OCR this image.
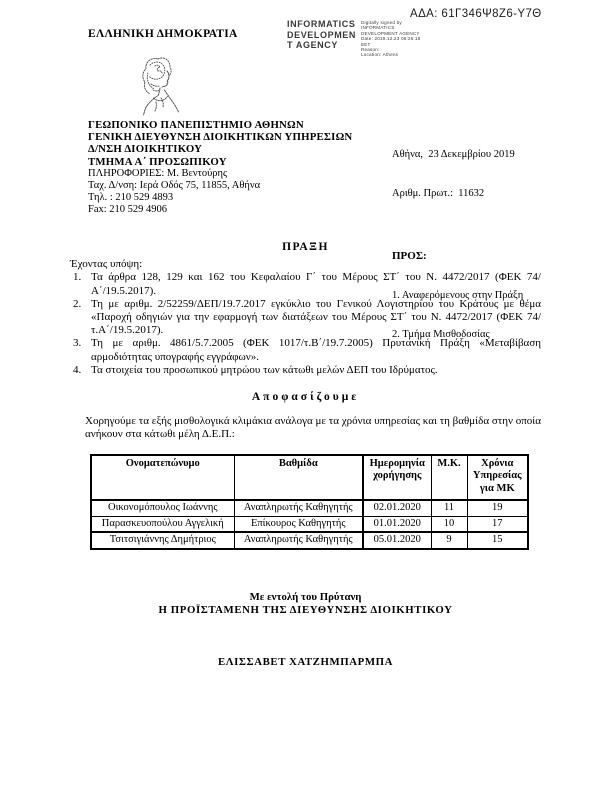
ΑΔΑ: 61Γ346Ψ8Ζ6-Υ7Θ
ΕΛΛΗΝΙΚΗ ΔΗΜΟΚΡΑΤΙΑ
INFORMATICS
DEVELOPMEN
T AGENCY
Digitally signed by
INFORMATICS
DEVELOPMENT AGENCY
Date: 2019.12.23 08:26:18
EET
Reason:
Location: Athens
ΓΕΩΠΟΝΙΚΟ ΠΑΝΕΠΙΣΤΗΜΙΟ ΑΘΗΝΩΝ
ΓΕΝΙΚΗ ΔΙΕΥΘΥΝΣΗ ΔΙΟΙΚΗΤΙΚΩΝ ΥΠΗΡΕΣΙΩΝ
Δ/ΝΣΗ ΔΙΟΙΚΗΤΙΚΟΥ
ΤΜΗΜΑ Α΄ ΠΡΟΣΩΠΙΚΟΥ
ΠΛΗΡΟΦΟΡΙΕΣ: Μ. Βεντούρης
Ταχ. Δ/νση: Ιερά Οδός 75, 11855, Αθήνα
Τηλ. : 210 529 4893
Fax: 210 529 4906

Αθήνα,  23 Δεκεμβρίου 2019

Αριθμ. Πρωτ.:  11632

ΠΡΟΣ:

1. Αναφερόμενους στην Πράξη

2. Τμήμα Μισθοδοσίας

ΠΡΑΞΗ
Έχοντας υπόψη:
1. Τα άρθρα 128, 129 και 162 του Κεφαλαίου Γ΄ του Μέρους ΣΤ΄ του Ν. 4472/2017 (ΦΕΚ 74/Α΄/19.5.2017).
2. Τη με αριθμ. 2/52259/ΔΕΠ/19.7.2017 εγκύκλιο του Γενικού Λογιστηρίου του Κράτους με θέμα «Παροχή οδηγιών για την εφαρμογή των διατάξεων του Μέρους ΣΤ΄ του Ν. 4472/2017 (ΦΕΚ 74/τ.Α΄/19.5.2017).
3. Τη με αριθμ. 4861/5.7.2005 (ΦΕΚ 1017/τ.Β΄/19.7.2005) Πρυτανική Πράξη «Μεταβίβαση αρμοδιότητας υπογραφής εγγράφων».
4. Τα στοιχεία του προσωπικού μητρώου των κάτωθι μελών ΔΕΠ του Ιδρύματος.
Αποφασίζουμε

Χορηγούμε τα εξής μισθολογικά κλιμάκια ανάλογα με τα χρόνια υπηρεσίας και τη βαθμίδα στην οποία ανήκουν στα κάτωθι μέλη Δ.Ε.Π.:

Ονοματεπώνυμο	Βαθμίδα	Ημερομηνία χορήγησης	Μ.Κ.	Χρόνια Υπηρεσίας για ΜΚ
Οικονομόπουλος Ιωάννης	Αναπληρωτής Καθηγητής	02.01.2020	11	19
Παρασκευοπούλου Αγγελική	Επίκουρος Καθηγητής	01.01.2020	10	17
Τσιτσιγιάννης Δημήτριος	Αναπληρωτής Καθηγητής	05.01.2020	9	15
Με εντολή του Πρύτανη
Η ΠΡΟΪΣΤΑΜΕΝΗ ΤΗΣ ΔΙΕΥΘΥΝΣΗΣ ΔΙΟΙΚΗΤΙΚΟΥ
ΕΛΙΣΣΑΒΕΤ ΧΑΤΖΗΜΠΑΡΜΠΑ
